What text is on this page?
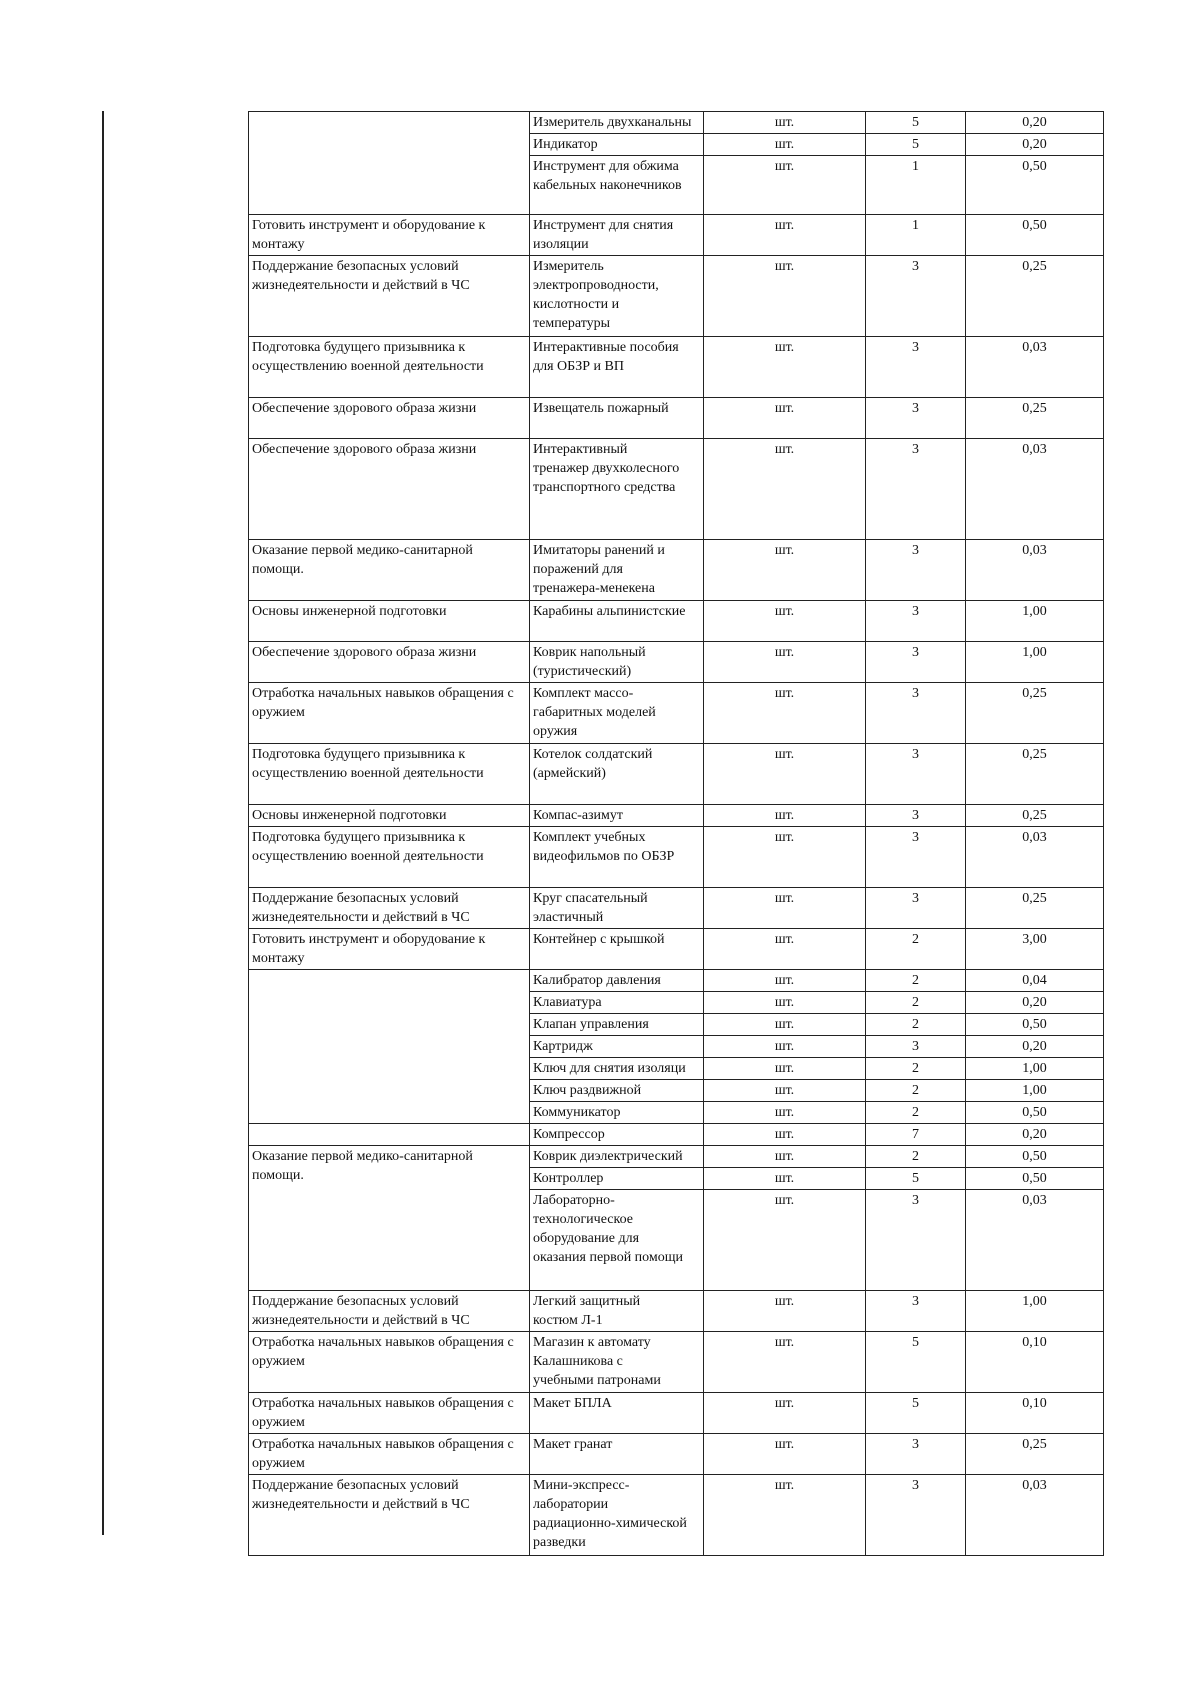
	Измеритель двухканальны	шт.	5	0,20
	Индикатор	шт.	5	0,20
	Инструмент для обжима
кабельных наконечников	шт.	1	0,50
Готовить инструмент и оборудование к монтажу	Инструмент для снятия
изоляции	шт.	1	0,50
Поддержание безопасных условий жизнедеятельности и действий в ЧС	Измеритель
электропроводности,
кислотности и
температуры	шт.	3	0,25
Подготовка будущего призывника к осуществлению военной деятельности	Интерактивные пособия
для ОБЗР и ВП	шт.	3	0,03
Обеспечение здорового образа жизни	Извещатель пожарный	шт.	3	0,25
Обеспечение здорового образа жизни	Интерактивный
тренажер двухколесного
транспортного средства	шт.	3	0,03
Оказание первой медико-санитарной помощи.	Имитаторы ранений и
поражений для
тренажера-менекена	шт.	3	0,03
Основы инженерной подготовки	Карабины альпинистские	шт.	3	1,00
Обеспечение здорового образа жизни	Коврик напольный
(туристический)	шт.	3	1,00
Отработка начальных навыков обращения с оружием	Комплект массо-
габаритных моделей
оружия	шт.	3	0,25
Подготовка будущего призывника к осуществлению военной деятельности	Котелок солдатский
(армейский)	шт.	3	0,25
Основы инженерной подготовки	Компас-азимут	шт.	3	0,25
Подготовка будущего призывника к осуществлению военной деятельности	Комплект учебных
видеофильмов по ОБЗР	шт.	3	0,03
Поддержание безопасных условий жизнедеятельности и действий в ЧС	Круг спасательный
эластичный	шт.	3	0,25
Готовить инструмент и оборудование к монтажу	Контейнер с крышкой	шт.	2	3,00
	Калибратор давления	шт.	2	0,04
	Клавиатура	шт.	2	0,20
	Клапан управления	шт.	2	0,50
	Картридж	шт.	3	0,20
	Ключ для снятия изоляци	шт.	2	1,00
	Ключ раздвижной	шт.	2	1,00
	Коммуникатор	шт.	2	0,50
	Компрессор	шт.	7	0,20
Оказание первой медико-санитарной помощи.	Коврик диэлектрический	шт.	2	0,50
	Контроллер	шт.	5	0,50
	Лабораторно-
технологическое
оборудование для
оказания первой помощи	шт.	3	0,03
Поддержание безопасных условий жизнедеятельности и действий в ЧС	Легкий защитный
костюм Л-1	шт.	3	1,00
Отработка начальных навыков обращения с оружием	Магазин к автомату
Калашникова с
учебными патронами	шт.	5	0,10
Отработка начальных навыков обращения с оружием	Макет БПЛА	шт.	5	0,10
Отработка начальных навыков обращения с оружием	Макет гранат	шт.	3	0,25
Поддержание безопасных условий жизнедеятельности и действий в ЧС	Мини-экспресс-
лаборатории
радиационно-химической
разведки	шт.	3	0,03
